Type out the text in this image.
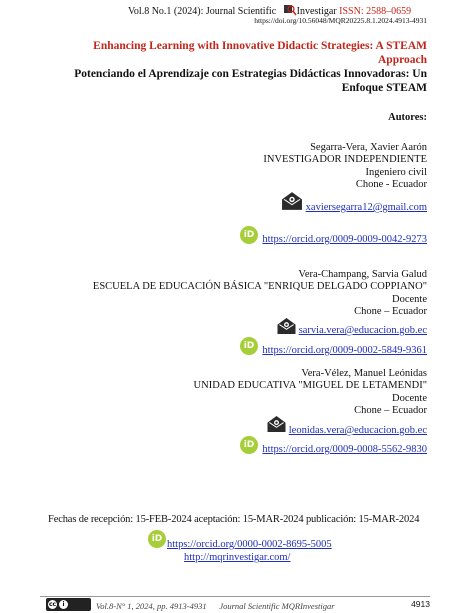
Vol.8 No.1 (2024): Journal Scientific Investigar ISSN: 2588–0659
https://doi.org/10.56048/MQR20225.8.1.2024.4913-4931
Enhancing Learning with Innovative Didactic Strategies: A STEAM Approach
Potenciando el Aprendizaje con Estrategias Didácticas Innovadoras: Un Enfoque STEAM
Autores:
Segarra-Vera, Xavier Aarón
INVESTIGADOR INDEPENDIENTE
Ingeniero civil
Chone - Ecuador
xaviersegarra12@gmail.com
iD https://orcid.org/0009-0009-0042-9273
Vera-Champang, Sarvia Galud
ESCUELA DE EDUCACIÓN BÁSICA "ENRIQUE DELGADO COPPIANO"
Docente
Chone – Ecuador
sarvia.vera@educacion.gob.ec
iD https://orcid.org/0009-0002-5849-9361
Vera-Vélez, Manuel Leónidas
UNIDAD EDUCATIVA "MIGUEL DE LETAMENDI"
Docente
Chone – Ecuador
leonidas.vera@educacion.gob.ec
iD https://orcid.org/0009-0008-5562-9830
Fechas de recepción: 15-FEB-2024 aceptación: 15-MAR-2024 publicación: 15-MAR-2024
iD https://orcid.org/0000-0002-8695-5005
http://mqrinvestigar.com/
cc	i	Vol.8-N° 1, 2024, pp. 4913-4931      Journal Scientific MQRInvestigar	4913
